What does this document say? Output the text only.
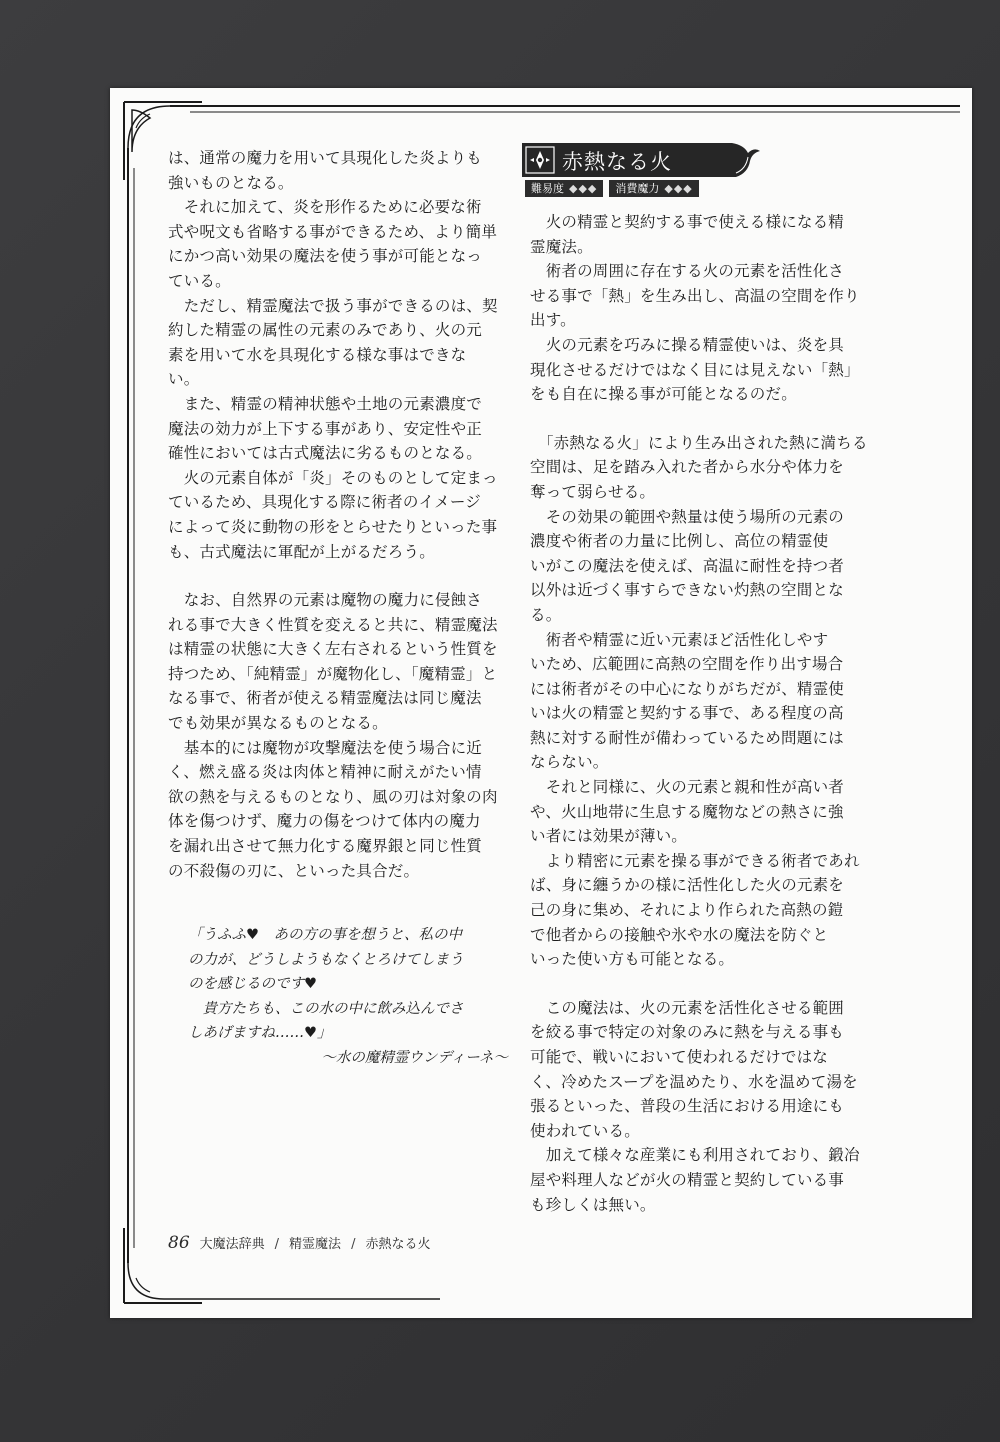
は、通常の魔力を用いて具現化した炎よりも

強いものとなる。

　それに加えて、炎を形作るために必要な術

式や呪文も省略する事ができるため、より簡単

にかつ高い効果の魔法を使う事が可能となっ

ている。

　ただし、精霊魔法で扱う事ができるのは、契

約した精霊の属性の元素のみであり、火の元

素を用いて水を具現化する様な事はできな

い。

　また、精霊の精神状態や土地の元素濃度で

魔法の効力が上下する事があり、安定性や正

確性においては古式魔法に劣るものとなる。

　火の元素自体が「炎」そのものとして定まっ

ているため、具現化する際に術者のイメージ

によって炎に動物の形をとらせたりといった事

も、古式魔法に軍配が上がるだろう。

　なお、自然界の元素は魔物の魔力に侵蝕さ

れる事で大きく性質を変えると共に、精霊魔法

は精霊の状態に大きく左右されるという性質を

持つため、「純精霊」が魔物化し、「魔精霊」と

なる事で、術者が使える精霊魔法は同じ魔法

でも効果が異なるものとなる。

　基本的には魔物が攻撃魔法を使う場合に近

く、燃え盛る炎は肉体と精神に耐えがたい情

欲の熱を与えるものとなり、風の刃は対象の肉

体を傷つけず、魔力の傷をつけて体内の魔力

を漏れ出させて無力化する魔界銀と同じ性質

の不殺傷の刃に、といった具合だ。

「うふふ♥　あの方の事を想うと、私の中

の力が、どうしようもなくとろけてしまう

のを感じるのです♥

　貴方たちも、この水の中に飲み込んでさ

しあげますね……♥」

～水の魔精霊ウンディーネ～

赤熱なる火
難易度 ◆◆◆ 消費魔力 ◆◆◆

　火の精霊と契約する事で使える様になる精

霊魔法。

　術者の周囲に存在する火の元素を活性化さ

せる事で「熱」を生み出し、高温の空間を作り

出す。

　火の元素を巧みに操る精霊使いは、炎を具

現化させるだけではなく目には見えない「熱」

をも自在に操る事が可能となるのだ。

　「赤熱なる火」により生み出された熱に満ちる

空間は、足を踏み入れた者から水分や体力を

奪って弱らせる。

　その効果の範囲や熱量は使う場所の元素の

濃度や術者の力量に比例し、高位の精霊使

いがこの魔法を使えば、高温に耐性を持つ者

以外は近づく事すらできない灼熱の空間とな

る。

　術者や精霊に近い元素ほど活性化しやす

いため、広範囲に高熱の空間を作り出す場合

には術者がその中心になりがちだが、精霊使

いは火の精霊と契約する事で、ある程度の高

熱に対する耐性が備わっているため問題には

ならない。

　それと同様に、火の元素と親和性が高い者

や、火山地帯に生息する魔物などの熱さに強

い者には効果が薄い。

　より精密に元素を操る事ができる術者であれ

ば、身に纏うかの様に活性化した火の元素を

己の身に集め、それにより作られた高熱の鎧

で他者からの接触や氷や水の魔法を防ぐと

いった使い方も可能となる。

　この魔法は、火の元素を活性化させる範囲

を絞る事で特定の対象のみに熱を与える事も

可能で、戦いにおいて使われるだけではな

く、冷めたスープを温めたり、水を温めて湯を

張るといった、普段の生活における用途にも

使われている。

　加えて様々な産業にも利用されており、鍛冶

屋や料理人などが火の精霊と契約している事

も珍しくは無い。

86 大魔法辞典 / 精霊魔法 / 赤熱なる火
